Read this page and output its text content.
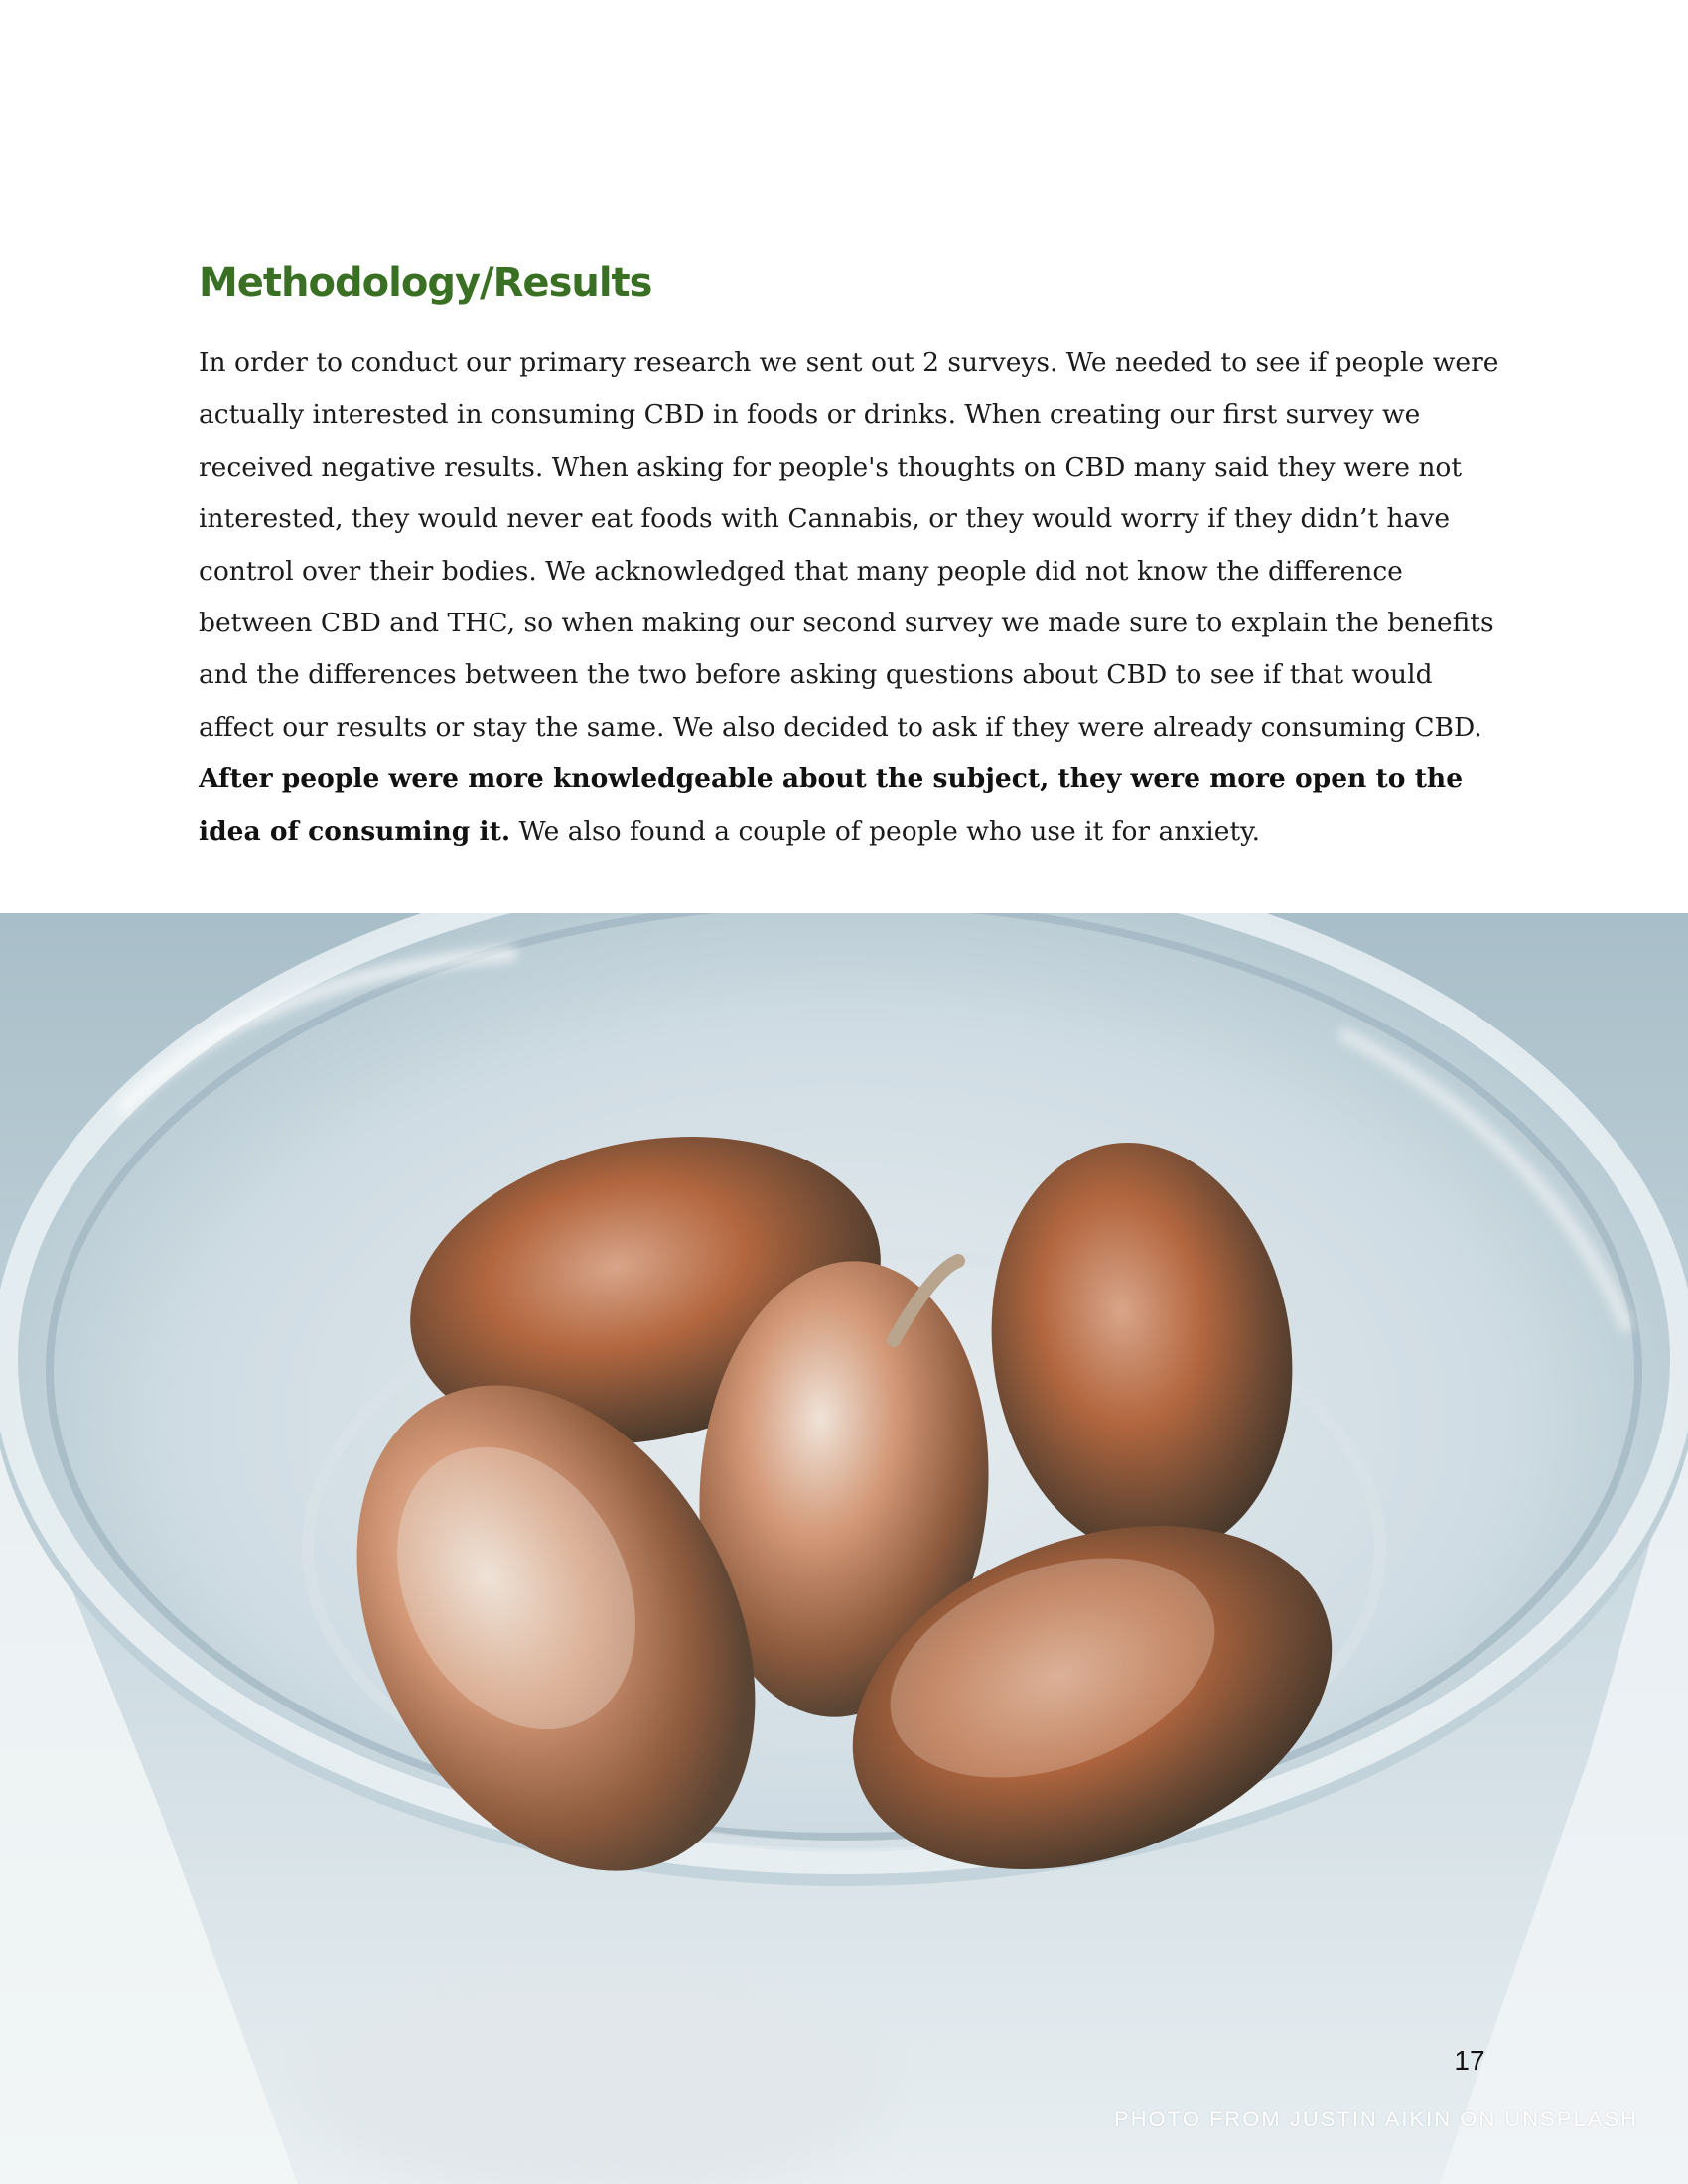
Methodology/Results

In order to conduct our primary research we sent out 2 surveys. We needed to see if people were actually interested in consuming CBD in foods or drinks. When creating our first survey we received negative results. When asking for people's thoughts on CBD many said they were not interested, they would never eat foods with Cannabis, or they would worry if they didn’t have control over their bodies. We acknowledged that many people did not know the difference between CBD and THC, so when making our second survey we made sure to explain the benefits and the differences between the two before asking questions about CBD to see if that would affect our results or stay the same. We also decided to ask if they were already consuming CBD. After people were more knowledgeable about the subject, they were more open to the idea of consuming it. We also found a couple of people who use it for anxiety.

17
PHOTO FROM JUSTIN AIKIN ON UNSPLASH
